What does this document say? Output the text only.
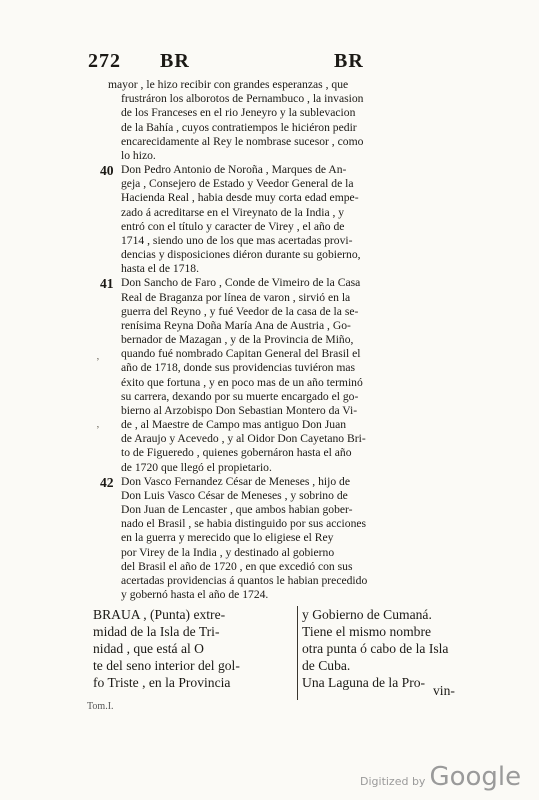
272 BR	BR
ʼ
ʼ
BRAUA , (Punta) extre-
midad de la Isla de Tri-
nidad , que está al O
te del seno interior del gol-
fo Triste , en la Provincia
y Gobierno de Cumaná.
Tiene el mismo nombre
otra punta ó cabo de la Isla
de Cuba.
Una Laguna de la Pro-
vin-
Tom.I.
Digitized by Google
mayor , le hizo recibir con grandes esperanzas , que
frustráron los alborotos de Pernambuco , la invasion
de los Franceses en el rio Jeneyro y la sublevacion
de la Bahía , cuyos contratiempos le hiciéron pedir
encarecidamente al Rey le nombrase sucesor , como
lo hizo.
40 Don Pedro Antonio de Noroña , Marques de An-
geja , Consejero de Estado y Veedor General de la
Hacienda Real , habia desde muy corta edad empe-
zado á acreditarse en el Vireynato de la India , y
entró con el título y caracter de Virey , el año de
1714 , siendo uno de los que mas acertadas provi-
dencias y disposiciones diéron durante su gobierno,
hasta el de 1718.
41 Don Sancho de Faro , Conde de Vimeiro de la Casa
Real de Braganza por línea de varon , sirvió en la
guerra del Reyno , y fué Veedor de la casa de la se-
renísima Reyna Doña María Ana de Austria , Go-
bernador de Mazagan , y de la Provincia de Miño,
quando fué nombrado Capitan General del Brasil el
año de 1718, donde sus providencias tuviéron mas
éxito que fortuna , y en poco mas de un año terminó
su carrera, dexando por su muerte encargado el go-
bierno al Arzobispo Don Sebastian Montero da Vi-
de , al Maestre de Campo mas antiguo Don Juan
de Araujo y Acevedo , y al Oidor Don Cayetano Bri-
to de Figueredo , quienes gobernáron hasta el año
de 1720 que llegó el propietario.
42 Don Vasco Fernandez César de Meneses , hijo de
Don Luis Vasco César de Meneses , y sobrino de
Don Juan de Lencaster , que ambos habian gober-
nado el Brasil , se habia distinguido por sus acciones
en la guerra y merecido que lo eligiese el Rey
por Virey de la India , y destinado al gobierno
del Brasil el año de 1720 , en que excedió con sus
acertadas providencias á quantos le habian precedido
y gobernó hasta el año de 1724.
